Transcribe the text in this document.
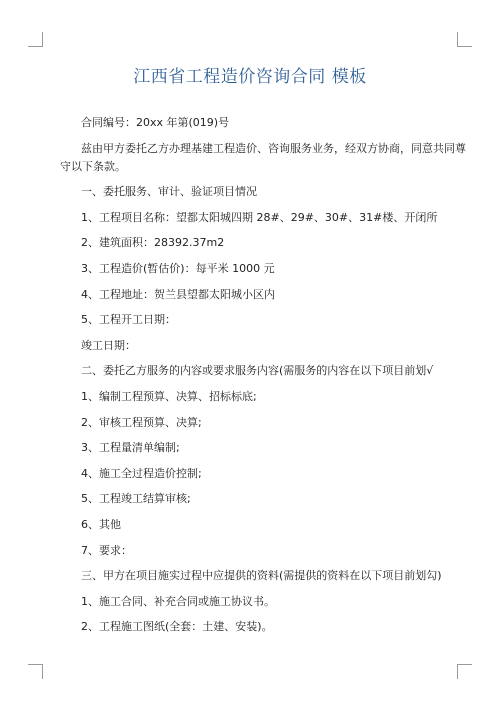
江西省工程造价咨询合同 模板
合同编号：20xx 年第(019)号
兹由甲方委托乙方办理基建工程造价、咨询服务业务，经双方协商，同意共同尊
守以下条款。
一、委托服务、审计、验证项目情况
1、工程项目名称：望都太阳城四期 28#、29#、30#、31#楼、开闭所
2、建筑面积：28392.37m2
3、工程造价(暂估价)：每平米 1000 元
4、工程地址：贺兰县望都太阳城小区内
5、工程开工日期：
竣工日期：
二、委托乙方服务的内容或要求服务内容(需服务的内容在以下项目前划√
1、编制工程预算、决算、招标标底;
2、审核工程预算、决算;
3、工程量清单编制;
4、施工全过程造价控制;
5、工程竣工结算审核;
6、其他
7、要求：
三、甲方在项目施实过程中应提供的资料(需提供的资料在以下项目前划勾)
1、施工合同、补充合同或施工协议书。
2、工程施工图纸(全套：土建、安装)。
